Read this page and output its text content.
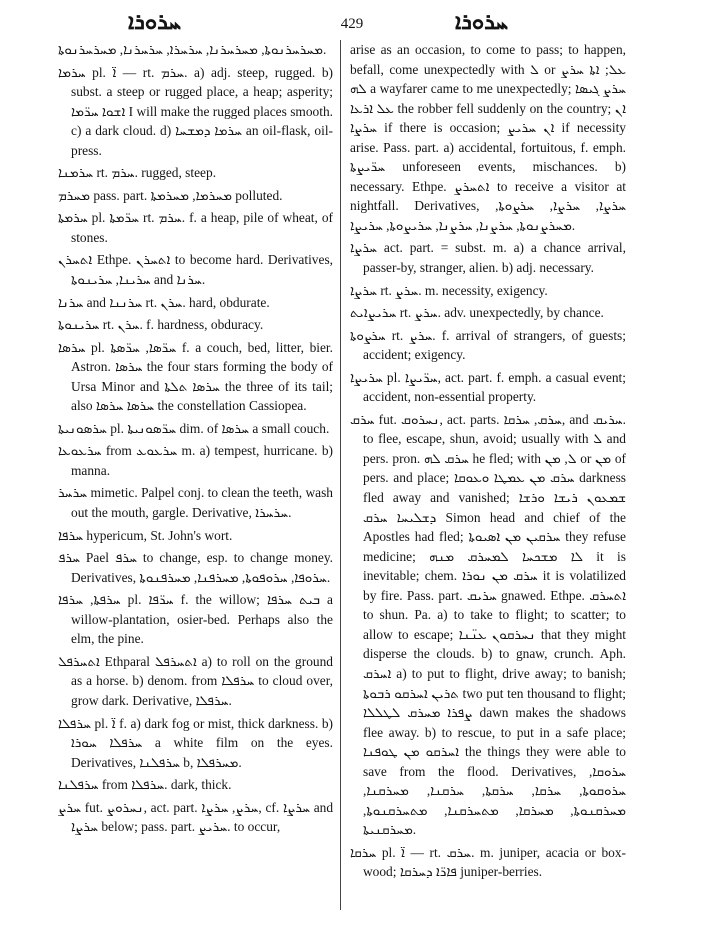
ܚܪܘܪܐ	429	ܚܪܘܪܐ

ܡܚܪܚܪܢܘܬܐ, ܡܚܪܚܪܢܐ, ܚܪܚܪܐ, ܚܪܚܪܢܐ, ܡܚܪܚܪܢܘܬܐ.

ܚܪܡܐ pl. ܐ̈ — rt. ܚܪܡ. a) adj. steep, rugged. b) subst. a steep or rugged place, a heap; asperity; ܐܫܘܐ ܚܪ̈ܡܐ I will make the rugged places smooth. c) a dark cloud. d) ܚܪܡܐ ܕܡܫܚܐ an oil-flask, oil-press.

ܚܪܡܢܐ rt. ܚܪܡ. rugged, steep.

ܡܚܪܡ pass. part. ܡܚܪܡܐ, ܡܚܪܡܬܐ polluted.

ܚܪܡܬܐ pl. ܚܪ̈ܡܬܐ rt. ܚܪܡ. f. a heap, pile of wheat, of stones.

ܐܬܚܪܢ Ethpe. ܐܬܚܪܢ to become hard. Derivatives, ܚܪܝܢܐ, ܚܪܝܢܘܬܐ and ܚܪܢܐ.

ܚܪܢܐ and ܚܪܢܢܐ rt. ܚܪܢ. hard, obdurate.

ܚܪܝܢܘܬܐ rt. ܚܪܢ. f. hardness, obduracy.

ܚܪܣܐ pl. ܚܪ̈ܣܐ, ܚܪ̈ܣܬܐ f. a couch, bed, litter, bier. Astron. ܚܪܣܐ the four stars forming the body of Ursa Minor and ܚܪܣܐ ܬܠܬܐ the three of its tail; also ܚܪܣܐ ܚܪܣܐ the constellation Cassiopea.

ܚܪܣܘܢܝܬܐ pl. ܚܪ̈ܣܘܢܝܬܐ dim. of ܚܪܣܐ a small couch.

ܚܪܥܘܥܐ from ܚܪܥܘܥ m. a) tempest, hurricane. b) manna.

ܚܪܚܪ mimetic. Palpel conj. to clean the teeth, wash out the mouth, gargle. Derivative, ܚܪܚܪܐ.

ܚܪܦܐ hypericum, St. John's wort.

ܚܪܦ Pael ܚܪܦ to change, esp. to change money. Derivatives, ܚܪܘܦܐ, ܚܪܘܦܘܬܐ, ܡܚܪܦܢܐ, ܡܚܪܦܢܘܬܐ.

ܚܪܦܬܐ, ܚܪܦܐ pl. ܚܪ̈ܦܐ f. the willow; ܒܝܬ ܚܪܦܐ a willow-plantation, osier-bed. Perhaps also the elm, the pine.

ܐܬܚܪܦܠ Ethparal ܐܬܚܪܦܠ a) to roll on the ground as a horse. b) denom. from ܚܪܦܠܐ to cloud over, grow dark. Derivative, ܚܪܦܠܐ.

ܚܪܦܠܐ pl. ܐ̈ f. a) dark fog or mist, thick darkness. b) ܚܪܦܠܐ ܚܘܪܐ a white film on the eyes. Derivatives, ܚܪܦܠܢܐ b, ܡܚܪܦܠܐ.

ܚܪܦܠܢܐ from ܚܪܦܠܐ. dark, thick.

ܚܪܨ fut. ܢܚܪܘܨ, act. part. ܚܪܨ, ܚܪܨܐ, cf. ܚܪܨܐ and ܚܪܨܐ below; pass. part. ܚܪܝܨ. to occur,

arise as an occasion, to come to pass; to happen, befall, come unexpectedly with ܠ or ܥܠ; ܐܬܐ ܚܪܨ ܠܗ a wayfarer came to me unexpectedly; ܚܪܨ ܓܝܣܐ ܥܠ ܐܪܥܐ the robber fell suddenly on the country; ܐܢ ܚܪܨܐ if there is occasion; ܐܢ ܚܪܝܨ if necessity arise. Pass. part. a) accidental, fortuitous, f. emph. ܚܪ̈ܝܨܬܐ unforeseen events, mischances. b) necessary. Ethpe. ܐܬܚܪܨ to receive a visitor at nightfall. Derivatives, ܚܪܨܐ, ܚܪܨܐ, ܚܪܨܘܬܐ, ܡܚܪܨܢܘܬܐ, ܚܪܨܢܐ, ܚܪܨܢܐ, ܚܪܝܨܘܬܐ, ܚܪܝܨܐ.

ܚܪܨܐ act. part. = subst. m. a) a chance arrival, passer-by, stranger, alien. b) adj. necessary.

ܚܪܨܐ rt. ܚܪܨ. m. necessity, exigency.

ܚܪܝܨܐܝܬ rt. ܚܪܨ. adv. unexpectedly, by chance.

ܚܪܨܘܬܐ rt. ܚܪܨ. f. arrival of strangers, of guests; accident; exigency.

ܚܪܝܨܐ pl. ܚܪ̈ܝܨܐ, act. part. f. emph. a casual event; accident, non-essential property.

ܚܪܩ fut. ܢܚܪܘܩ, act. parts. ܚܪܩ, ܚܪܩܐ, and ܚܪܝܩ. to flee, escape, shun, avoid; usually with ܠ and pers. pron. ܚܪܩ ܠܗ he fled; with ܠ, ܡܢ or ܡܢ of pers. and place; ܚܪܩ ܡܢ ܥܡܛܐ ܘܥܘܩܐ darkness fled away and vanished; ܫܡܥܘܢ ܪܝܫܐ ܘܪܫܐ ܕܫܠܝܚܐ ܚܪܩ Simon head and chief of the Apostles had fled; ܚܪܩܝܢ ܡܢ ܐܣܝܘܬܐ they refuse medicine; ܠܐ ܡܫܟܚܐ ܠܡܚܪܩ ܡܢܗ it is inevitable; chem. ܚܪܩ ܡܢ ܢܘܪܐ it is volatilized by fire. Pass. part. ܚܪܝܩ gnawed. Ethpe. ܐܬܚܪܩ to shun. Pa. a) to take to flight; to scatter; to allow to escape; ܢܚܪܩܘܢ ܥܢ̈ܢܐ that they might disperse the clouds. b) to gnaw, crunch. Aph. ܐܚܪܩ a) to put to flight, drive away; to banish; ܬܪܝܢ ܐܚܪܩܘ ܪܒܘܬܐ two put ten thousand to flight; ܨܦܪܐ ܡܚܪܩ ܠܛܠܠܐ dawn makes the shadows flee away. b) to rescue, to put in a safe place; ܐܚܪܩܘ ܡܢ ܛܘܦܢܐ the things they were able to save from the flood. Derivatives, ܚܪܘܩܐ, ܚܪܘܩܘܬܐ, ܚܪܩܐ, ܚܪܩܬܐ, ܚܪܩܢܐ, ܡܚܪܩܢܐ, ܡܚܪܩܢܘܬܐ, ܡܚܪܩܐ, ܡܬܚܪܩܢܐ, ܡܬܚܪܩܢܘܬܐ, ܡܚܪܩܢܝܬܐ.

ܚܪܩܐ pl. ܐ̈ — rt. ܚܪܩ. m. juniper, acacia or box-wood; ܦܐܪ̈ܐ ܕܚܪܩܐ juniper-berries.
